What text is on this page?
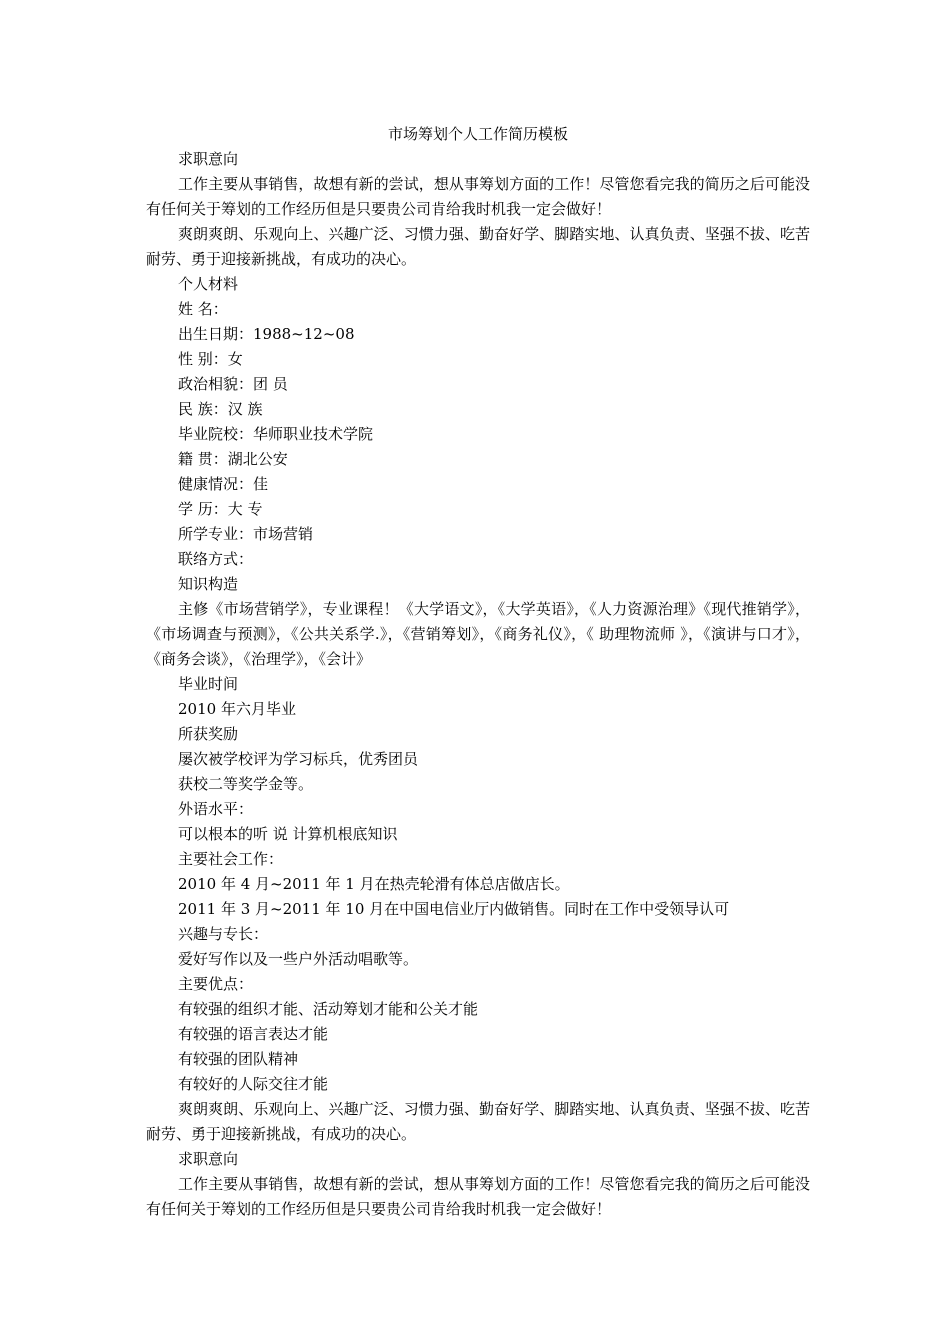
市场筹划个人工作简历模板

求职意向

工作主要从事销售，故想有新的尝试，想从事筹划方面的工作！尽管您看完我的简历之后可能没有任何关于筹划的工作经历但是只要贵公司肯给我时机我一定会做好！

爽朗爽朗、乐观向上、兴趣广泛、习惯力强、勤奋好学、脚踏实地、认真负责、坚强不拔、吃苦耐劳、勇于迎接新挑战，有成功的决心。

个人材料

姓 名：

出生日期：1988~12~08

性 别：女

政治相貌：团 员

民 族：汉 族

毕业院校：华师职业技术学院

籍 贯：湖北公安

健康情况：佳

学 历：大 专

所学专业：市场营销

联络方式：

知识构造

主修《市场营销学》，专业课程！《大学语文》，《大学英语》，《人力资源治理》《现代推销学》，《市场调查与预测》，《公共关系学.》，《营销筹划》，《商务礼仪》，《 助理物流师 》，《演讲与口才》，《商务会谈》，《治理学》，《会计》

毕业时间

2010 年六月毕业

所获奖励

屡次被学校评为学习标兵，优秀团员

获校二等奖学金等。

外语水平：

可以根本的听 说 计算机根底知识

主要社会工作：

2010 年 4 月~2011 年 1 月在热壳轮滑有体总店做店长。

2011 年 3 月~2011 年 10 月在中国电信业厅内做销售。同时在工作中受领导认可

兴趣与专长：

爱好写作以及一些户外活动唱歌等。

主要优点：

有较强的组织才能、活动筹划才能和公关才能

有较强的语言表达才能

有较强的团队精神

有较好的人际交往才能

爽朗爽朗、乐观向上、兴趣广泛、习惯力强、勤奋好学、脚踏实地、认真负责、坚强不拔、吃苦耐劳、勇于迎接新挑战，有成功的决心。

求职意向

工作主要从事销售，故想有新的尝试，想从事筹划方面的工作！尽管您看完我的简历之后可能没有任何关于筹划的工作经历但是只要贵公司肯给我时机我一定会做好！
